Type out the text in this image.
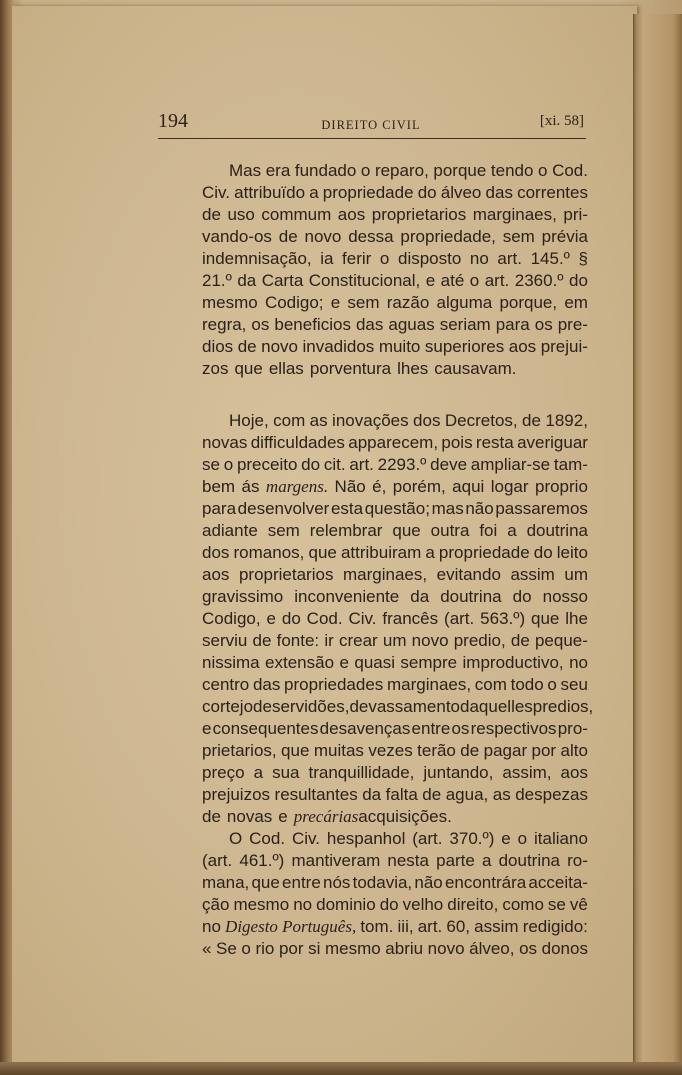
194	DIREITO CIVIL	[xi. 58]
Mas era fundado o reparo, porque tendo o Cod.
Civ. attribuïdo a propriedade do álveo das correntes
de uso commum aos proprietarios marginaes, pri-
vando-os de novo dessa propriedade, sem prévia
indemnisação, ia ferir o disposto no art. 145.º §
21.º da Carta Constitucional, e até o art. 2360.º do
mesmo Codigo; e sem razão alguma porque, em
regra, os beneficios das aguas seriam para os pre-
dios de novo invadidos muito superiores aos prejui-
zos que ellas porventura lhes causavam.
Hoje, com as inovações dos Decretos, de 1892,
novas difficuldades apparecem, pois resta averiguar
se o preceito do cit. art. 2293.º deve ampliar-se tam-
bem ás margens. Não é, porém, aqui logar proprio
para desenvolver esta questão; mas não passaremos
adiante sem relembrar que outra foi a doutrina
dos romanos, que attribuiram a propriedade do leito
aos proprietarios marginaes, evitando assim um
gravissimo inconveniente da doutrina do nosso
Codigo, e do Cod. Civ. francês (art. 563.º) que lhe
serviu de fonte: ir crear um novo predio, de peque-
nissima extensão e quasi sempre improductivo, no
centro das propriedades marginaes, com todo o seu
cortejo de servidões, devassamento daquelles predios,
e consequentes desavenças entre os respectivos pro-
prietarios, que muitas vezes terão de pagar por alto
preço a sua tranquillidade, juntando, assim, aos
prejuizos resultantes da falta de agua, as despezas
de novas e precárias acquisições.
O Cod. Civ. hespanhol (art. 370.º) e o italiano
(art. 461.º) mantiveram nesta parte a doutrina ro-
mana, que entre nós todavia, não encontrára acceita-
ção mesmo no dominio do velho direito, como se vê
no Digesto Português, tom. iii, art. 60, assim redigido:
« Se o rio por si mesmo abriu novo álveo, os donos
